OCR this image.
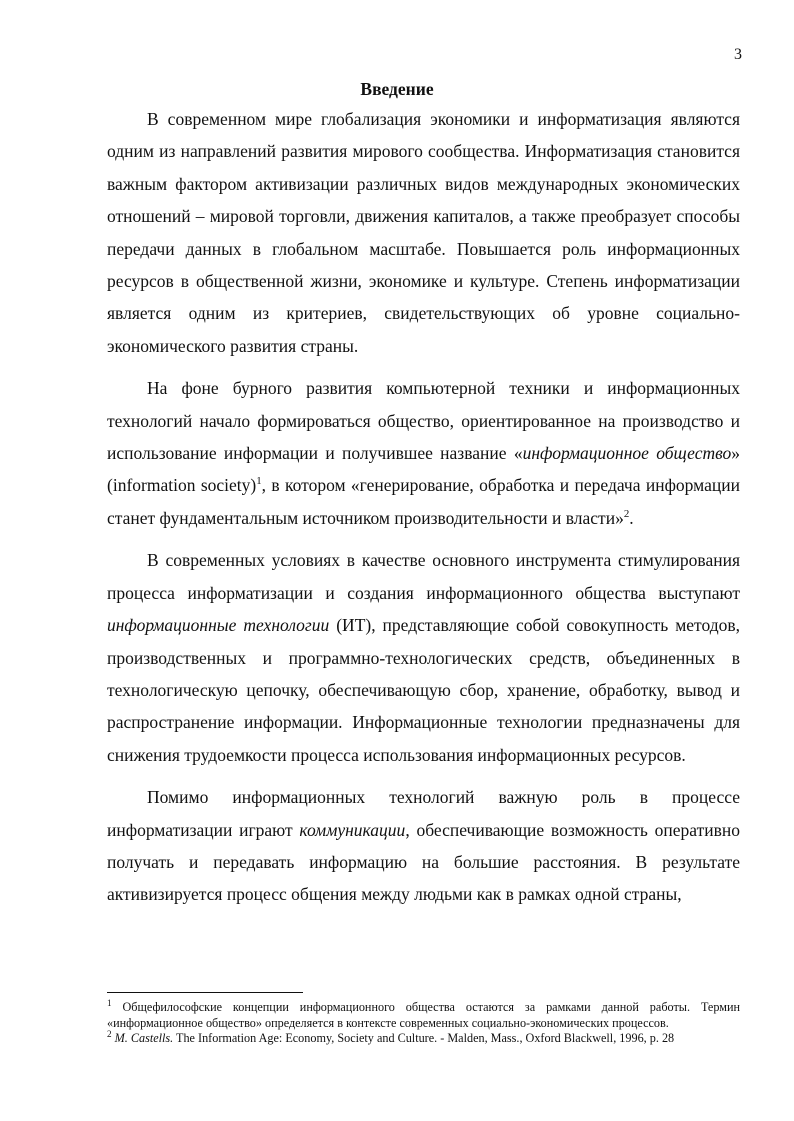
3
Введение

В современном мире глобализация экономики и информатизация являются одним из направлений развития мирового сообщества. Информатизация становится важным фактором активизации различных видов международных экономических отношений – мировой торговли, движения капиталов, а также преобразует способы передачи данных в глобальном масштабе. Повышается роль информационных ресурсов в общественной жизни, экономике и культуре. Степень информатизации является одним из критериев, свидетельствующих об уровне социально-экономического развития страны.

На фоне бурного развития компьютерной техники и информационных технологий начало формироваться общество, ориентированное на производство и использование информации и получившее название «информационное общество» (information society)$^1$, в котором «генерирование, обработка и передача информации станет фундаментальным источником производительности и власти»$^2$.

В современных условиях в качестве основного инструмента стимулирования процесса информатизации и создания информационного общества выступают информационные технологии (ИТ), представляющие собой совокупность методов, производственных и программно-технологических средств, объединенных в технологическую цепочку, обеспечивающую сбор, хранение, обработку, вывод и распространение информации. Информационные технологии предназначены для снижения трудоемкости процесса использования информационных ресурсов.

Помимо информационных технологий важную роль в процессе информатизации играют коммуникации, обеспечивающие возможность оперативно получать и передавать информацию на большие расстояния. В результате активизируется процесс общения между людьми как в рамках одной страны,

$^1$ Общефилософские концепции информационного общества остаются за рамками данной работы. Термин «информационное общество» определяется в контексте современных социально-экономических процессов.

$^2$ M. Castells. The Information Age: Economy, Society and Culture. - Malden, Mass., Oxford Blackwell, 1996, p. 28
